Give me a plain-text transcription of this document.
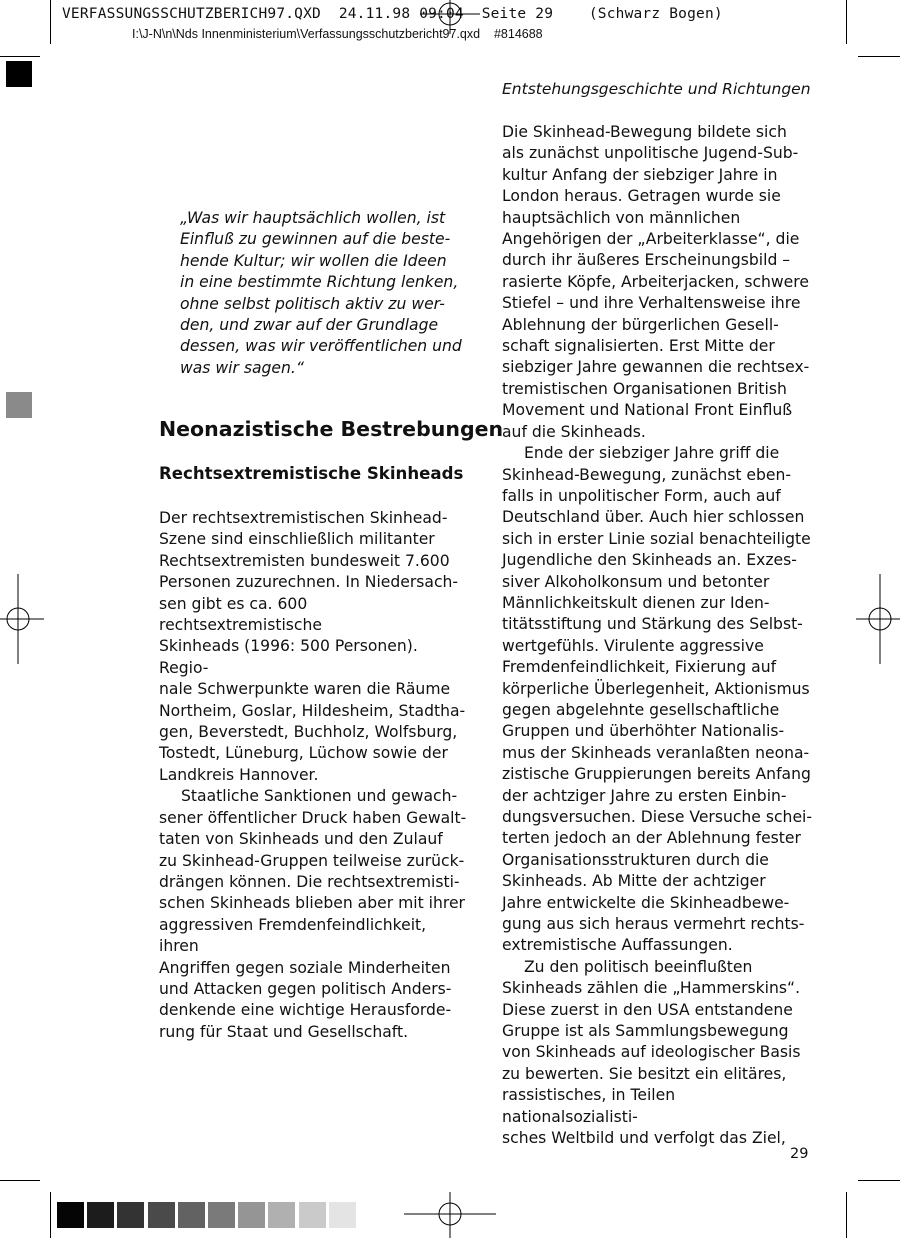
VERFASSUNGSSCHUTZBERICH97.QXD  24.11.98 09:04  Seite 29    (Schwarz Bogen)
I:\J-N\n\Nds Innenministerium\Verfassungsschutzbericht97.qxd    #814688
Entstehungsgeschichte und Richtungen

„Was wir hauptsächlich wollen, ist
Einfluß zu gewinnen auf die beste-
hende Kultur; wir wollen die Ideen
in eine bestimmte Richtung lenken,
ohne selbst politisch aktiv zu wer-
den, und zwar auf der Grundlage
dessen, was wir veröffentlichen und
was wir sagen.“

Neonazistische Bestrebungen
Rechtsextremistische Skinheads

Der rechtsextremistischen Skinhead-
Szene sind einschließlich militanter
Rechtsextremisten bundesweit 7.600
Personen zuzurechnen. In Niedersach-
sen gibt es ca. 600 rechtsextremistische
Skinheads (1996: 500 Personen). Regio-
nale Schwerpunkte waren die Räume
Northeim, Goslar, Hildesheim, Stadtha-
gen, Beverstedt, Buchholz, Wolfsburg,
Tostedt, Lüneburg, Lüchow sowie der
Landkreis Hannover.

Staatliche Sanktionen und gewach-
sener öffentlicher Druck haben Gewalt-
taten von Skinheads und den Zulauf
zu Skinhead-Gruppen teilweise zurück-
drängen können. Die rechtsextremisti-
schen Skinheads blieben aber mit ihrer
aggressiven Fremdenfeindlichkeit, ihren
Angriffen gegen soziale Minderheiten
und Attacken gegen politisch Anders-
denkende eine wichtige Herausforde-
rung für Staat und Gesellschaft.

Die Skinhead-Bewegung bildete sich
als zunächst unpolitische Jugend-Sub-
kultur Anfang der siebziger Jahre in
London heraus. Getragen wurde sie
hauptsächlich von männlichen
Angehörigen der „Arbeiterklasse“, die
durch ihr äußeres Erscheinungsbild –
rasierte Köpfe, Arbeiterjacken, schwere
Stiefel – und ihre Verhaltensweise ihre
Ablehnung der bürgerlichen Gesell-
schaft signalisierten. Erst Mitte der
siebziger Jahre gewannen die rechtsex-
tremistischen Organisationen British
Movement und National Front Einfluß
auf die Skinheads.

Ende der siebziger Jahre griff die
Skinhead-Bewegung, zunächst eben-
falls in unpolitischer Form, auch auf
Deutschland über. Auch hier schlossen
sich in erster Linie sozial benachteiligte
Jugendliche den Skinheads an. Exzes-
siver Alkoholkonsum und betonter
Männlichkeitskult dienen zur Iden-
titätsstiftung und Stärkung des Selbst-
wertgefühls. Virulente aggressive
Fremdenfeindlichkeit, Fixierung auf
körperliche Überlegenheit, Aktionismus
gegen abgelehnte gesellschaftliche
Gruppen und überhöhter Nationalis-
mus der Skinheads veranlaßten neona-
zistische Gruppierungen bereits Anfang
der achtziger Jahre zu ersten Einbin-
dungsversuchen. Diese Versuche schei-
terten jedoch an der Ablehnung fester
Organisationsstrukturen durch die
Skinheads. Ab Mitte der achtziger
Jahre entwickelte die Skinheadbewe-
gung aus sich heraus vermehrt rechts-
extremistische Auffassungen.

Zu den politisch beeinflußten
Skinheads zählen die „Hammerskins“.
Diese zuerst in den USA entstandene
Gruppe ist als Sammlungsbewegung
von Skinheads auf ideologischer Basis
zu bewerten. Sie besitzt ein elitäres,
rassistisches, in Teilen nationalsozialisti-
sches Weltbild und verfolgt das Ziel,

29
